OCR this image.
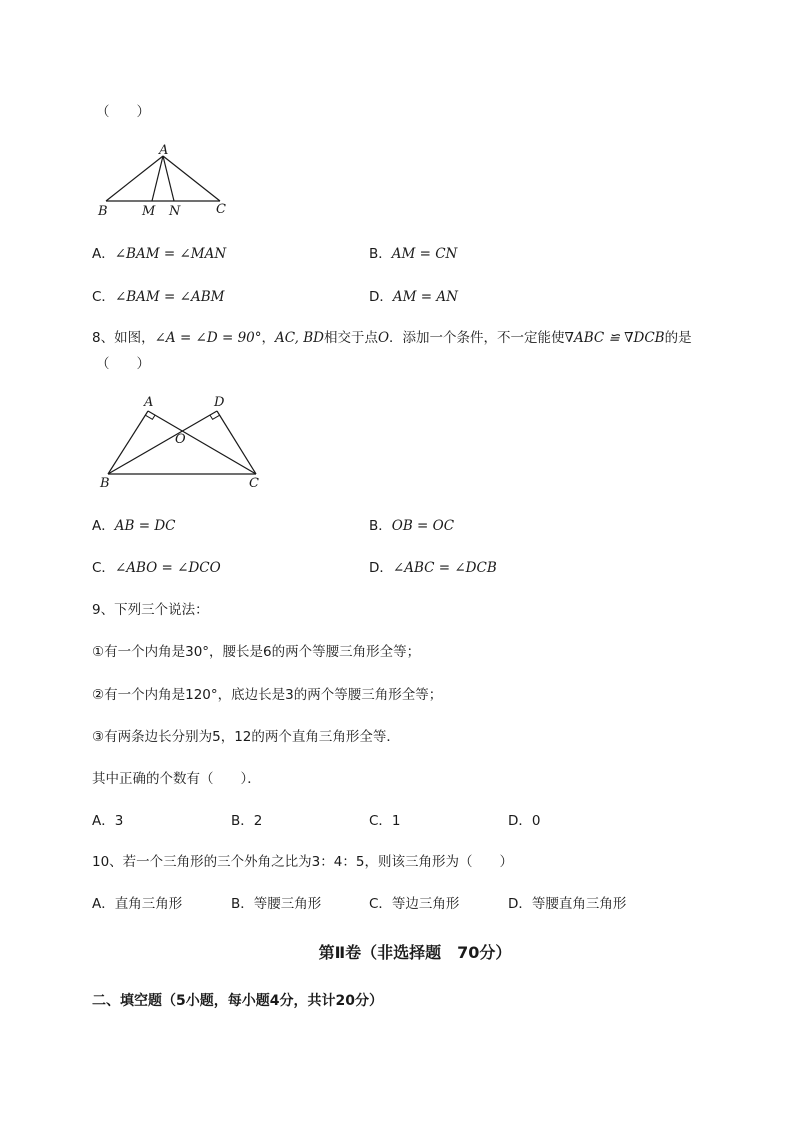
（　　）
A
B	M N	C
A．∠BAM = ∠MAN	B．AM = CN
C．∠BAM = ∠ABM	D．AM = AN
8、如图，∠A = ∠D = 90°，AC, BD相交于点O．添加一个条件，不一定能使∇ABC ≌ ∇DCB的是
（　　）
A	D
O
B	C
A．AB = DC	B．OB = OC
C．∠ABO = ∠DCO	D．∠ABC = ∠DCB
9、下列三个说法：
①有一个内角是30°，腰长是6的两个等腰三角形全等；
②有一个内角是120°，底边长是3的两个等腰三角形全等；
③有两条边长分别为5，12的两个直角三角形全等．
其中正确的个数有（　　）．
A．3	B．2	C．1	D．0
10、若一个三角形的三个外角之比为3：4：5，则该三角形为（　　）
A．直角三角形	B．等腰三角形	C．等边三角形	D．等腰直角三角形
第Ⅱ卷（非选择题　70分）
二、填空题（5小题，每小题4分，共计20分）
